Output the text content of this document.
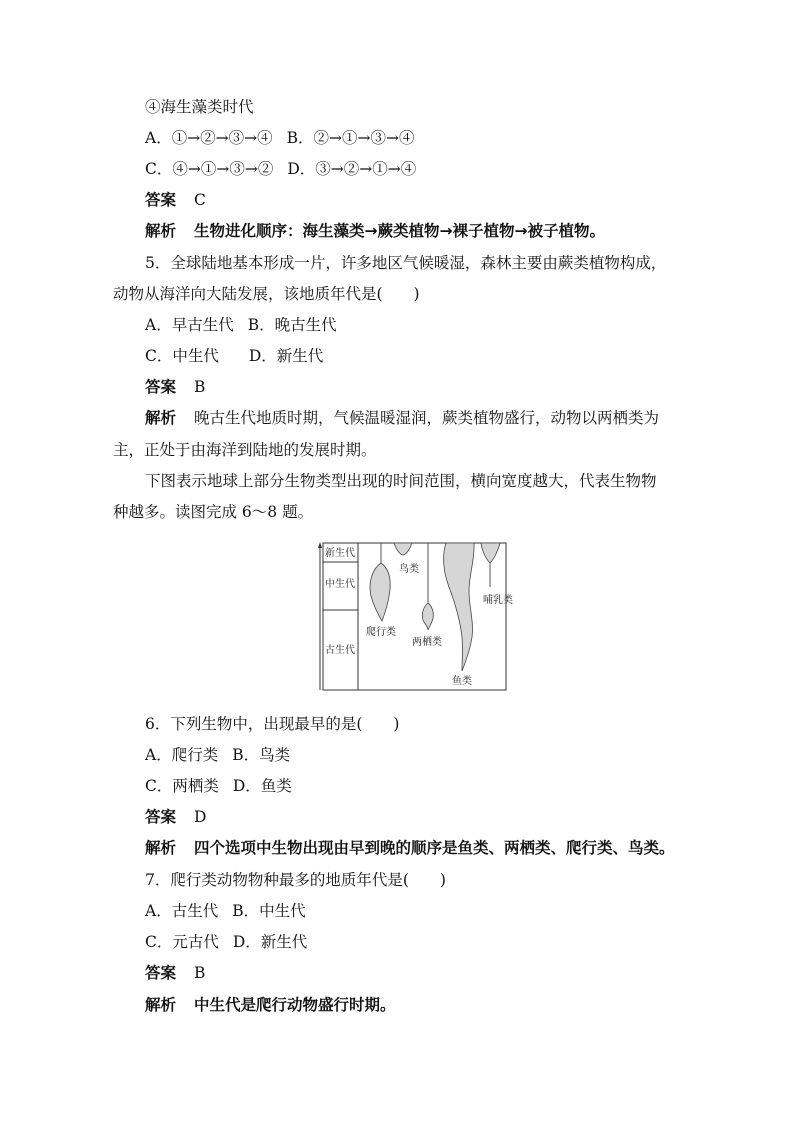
④海生藻类时代
A．①→②→③→④ B．②→①→③→④
C．④→①→③→② D．③→②→①→④
答案 C
解析 生物进化顺序：海生藻类→蕨类植物→裸子植物→被子植物。
5．全球陆地基本形成一片，许多地区气候暖湿，森林主要由蕨类植物构成，
动物从海洋向大陆发展，该地质年代是(　　)
A．早古生代 B．晚古生代
C．中生代 D．新生代
答案 B
解析 晚古生代地质时期，气候温暖湿润，蕨类植物盛行，动物以两栖类为
主，正处于由海洋到陆地的发展时期。
下图表示地球上部分生物类型出现的时间范围，横向宽度越大，代表生物物
种越多。读图完成 6～8 题。
新生代
中生代
古生代
鸟类
爬行类
两栖类
鱼类
哺乳类
6．下列生物中，出现最早的是(　　)
A．爬行类 B．鸟类
C．两栖类 D．鱼类
答案 D
解析 四个选项中生物出现由早到晚的顺序是鱼类、两栖类、爬行类、鸟类。
7．爬行类动物物种最多的地质年代是(　　)
A．古生代 B．中生代
C．元古代 D．新生代
答案 B
解析 中生代是爬行动物盛行时期。
